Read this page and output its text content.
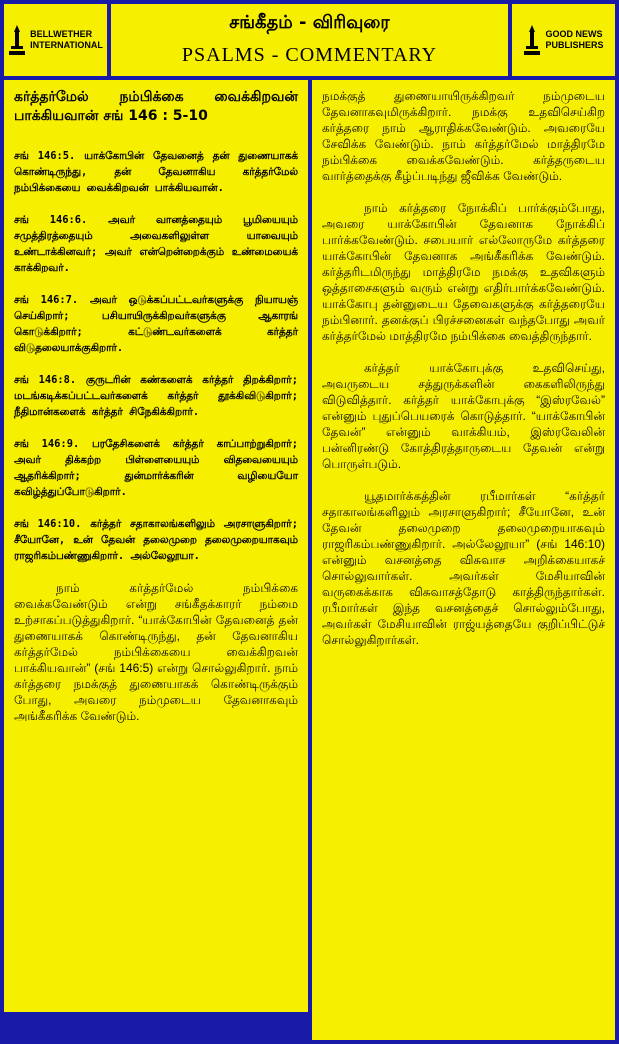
BELLWETHER
INTERNATIONAL
சங்கீதம் - விரிவுரை
PSALMS - COMMENTARY
GOOD NEWS
PUBLISHERS

கர்த்தர்மேல் நம்பிக்கை வைக்கிறவன் பாக்கியவான் சங் 146 : 5-10

சங் 146:5. யாக்கோபின் தேவனைத் தன் துணையாகக் கொண்டிருந்து, தன் தேவனாகிய கர்த்தர்மேல் நம்பிக்கையை வைக்கிறவன் பாக்கியவான்.

சங் 146:6. அவர் வானத்தையும் பூமியையும் சமுத்திரத்தையும் அவைகளிலுள்ள யாவையும் உண்டாக்கினவர்; அவர் என்றென்றைக்கும் உண்மையைக் காக்கிறவர்.

சங் 146:7. அவர் ஒடுக்கப்பட்டவர்களுக்கு நியாயஞ் செய்கிறார்; பசியாயிருக்கிறவர்களுக்கு ஆகாரங் கொடுக்கிறார்; கட்டுண்டவர்களைக் கர்த்தர் விடுதலையாக்குகிறார்.

சங் 146:8. குருடரின் கண்களைக் கர்த்தர் திறக்கிறார்; மடங்கடிக்கப்பட்டவர்களைக் கர்த்தர் தூக்கிவிடுகிறார்; நீதிமான்களைக் கர்த்தர் சிநேகிக்கிறார்.

சங் 146:9. பரதேசிகளைக் கர்த்தர் காப்பாற்றுகிறார்; அவர் திக்கற்ற பிள்ளையையும் விதவையையும் ஆதரிக்கிறார்; துன்மார்க்கரின் வழியையோ கவிழ்த்துப்போடுகிறார்.

சங் 146:10. கர்த்தர் சதாகாலங்களிலும் அரசாளுகிறார்; சீயோனே, உன் தேவன் தலைமுறை தலைமுறையாகவும் ராஜரிகம்பண்ணுகிறார். அல்லேலூயா.

நாம் கர்த்தர்மேல் நம்பிக்கை வைக்கவேண்டும் என்று சங்கீதக்காரர் நம்மை உற்சாகப்படுத்துகிறார். “யாக்கோபின் தேவனைத் தன் துணையாகக் கொண்டிருந்து, தன் தேவனாகிய கர்த்தர்மேல் நம்பிக்கையை வைக்கிறவன் பாக்கியவான்” (சங் 146:5) என்று சொல்லுகிறார். நாம் கர்த்தரை நமக்குத் துணையாகக் கொண்டிருக்கும் போது, அவரை நம்முடைய தேவனாகவும் அங்கீகரிக்க வேண்டும்.

நமக்குத் துணையாயிருக்கிறவர் நம்முடைய தேவனாகவுமிருக்கிறார். நமக்கு உதவிசெய்கிற கர்த்தரை நாம் ஆராதிக்கவேண்டும். அவரையே சேவிக்க வேண்டும். நாம் கர்த்தர்மேல் மாத்திரமே நம்பிக்கை வைக்கவேண்டும். கர்த்தருடைய வார்த்தைக்கு கீழ்ப்படிந்து ஜீவிக்க வேண்டும்.

நாம் கர்த்தரை நோக்கிப் பார்க்கும்போது, அவரை யாக்கோபின் தேவனாக நோக்கிப் பார்க்கவேண்டும். சபையார் எல்லோருமே கர்த்தரை யாக்கோபின் தேவனாக அங்கீகரிக்க வேண்டும். கர்த்தரிடமிருந்து மாத்திரமே நமக்கு உதவிகளும் ஒத்தாசைகளும் வரும் என்று எதிர்பார்க்கவேண்டும். யாக்கோபு தன்னுடைய தேவைகளுக்கு கர்த்தரையே நம்பினார். தனக்குப் பிரச்சனைகள் வந்தபோது அவர் கர்த்தர்மேல் மாத்திரமே நம்பிக்கை வைத்திருந்தார்.

கர்த்தர் யாக்கோபுக்கு உதவிசெய்து, அவருடைய சத்துருக்களின் கைகளிலிருந்து விடுவித்தார். கர்த்தர் யாக்கோபுக்கு “இஸ்ரவேல்” என்னும் புதுப்பெயரைக் கொடுத்தார். “யாக்கோபின் தேவன்” என்னும் வாக்கியம், இஸ்ரவேலின் பன்னிரண்டு கோத்திரத்தாருடைய தேவன் என்று பொருள்படும்.

யூதமார்க்கத்தின் ரபீமார்கள் “கர்த்தர் சதாகாலங்களிலும் அரசாளுகிறார்; சீயோனே, உன் தேவன் தலைமுறை தலைமுறையாகவும் ராஜரிகம்பண்ணுகிறார். அல்லேலூயா” (சங் 146:10) என்னும் வசனத்தை விசுவாச அறிக்கையாகச் சொல்லுவார்கள். அவர்கள் மேசியாவின் வருகைக்காக விசுவாசத்தோடு காத்திருந்தார்கள். ரபீமார்கள் இந்த வசனத்தைச் சொல்லும்போது, அவர்கள் மேசியாவின் ராஜ்யத்தையே குறிப்பிட்டுச் சொல்லுகிறார்கள்.
